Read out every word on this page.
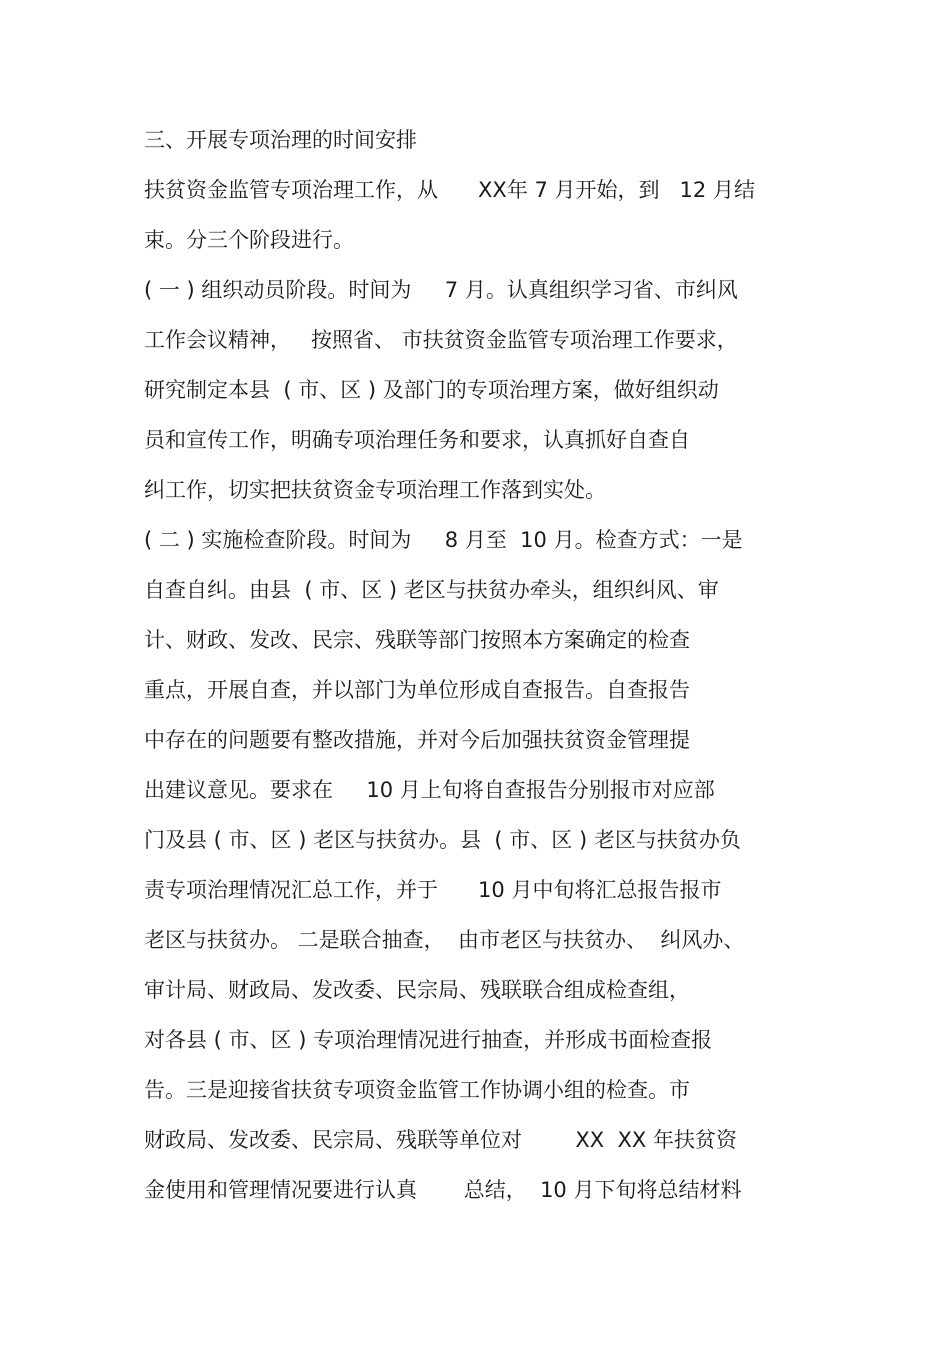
三、开展专项治理的时间安排
扶贫资金监管专项治理工作，从      XX年 7 月开始，到   12 月结
束。分三个阶段进行。
( 一 ) 组织动员阶段。时间为     7 月。认真组织学习省、市纠风
工作会议精神，   按照省、 市扶贫资金监管专项治理工作要求，
研究制定本县  ( 市、区 ) 及部门的专项治理方案，做好组织动
员和宣传工作，明确专项治理任务和要求，认真抓好自查自
纠工作，切实把扶贫资金专项治理工作落到实处。
( 二 ) 实施检查阶段。时间为     8 月至  10 月。检查方式：一是
自查自纠。由县  ( 市、区 ) 老区与扶贫办牵头，组织纠风、审
计、财政、发改、民宗、残联等部门按照本方案确定的检查
重点，开展自查，并以部门为单位形成自查报告。自查报告
中存在的问题要有整改措施，并对今后加强扶贫资金管理提
出建议意见。要求在     10 月上旬将自查报告分别报市对应部
门及县 ( 市、区 ) 老区与扶贫办。县  ( 市、区 ) 老区与扶贫办负
责专项治理情况汇总工作，并于      10 月中旬将汇总报告报市
老区与扶贫办。 二是联合抽查，  由市老区与扶贫办、  纠风办、
审计局、财政局、发改委、民宗局、残联联合组成检查组，
对各县 ( 市、区 ) 专项治理情况进行抽查，并形成书面检查报
告。三是迎接省扶贫专项资金监管工作协调小组的检查。市
财政局、发改委、民宗局、残联等单位对        XX  XX 年扶贫资
金使用和管理情况要进行认真       总结，  10 月下旬将总结材料
